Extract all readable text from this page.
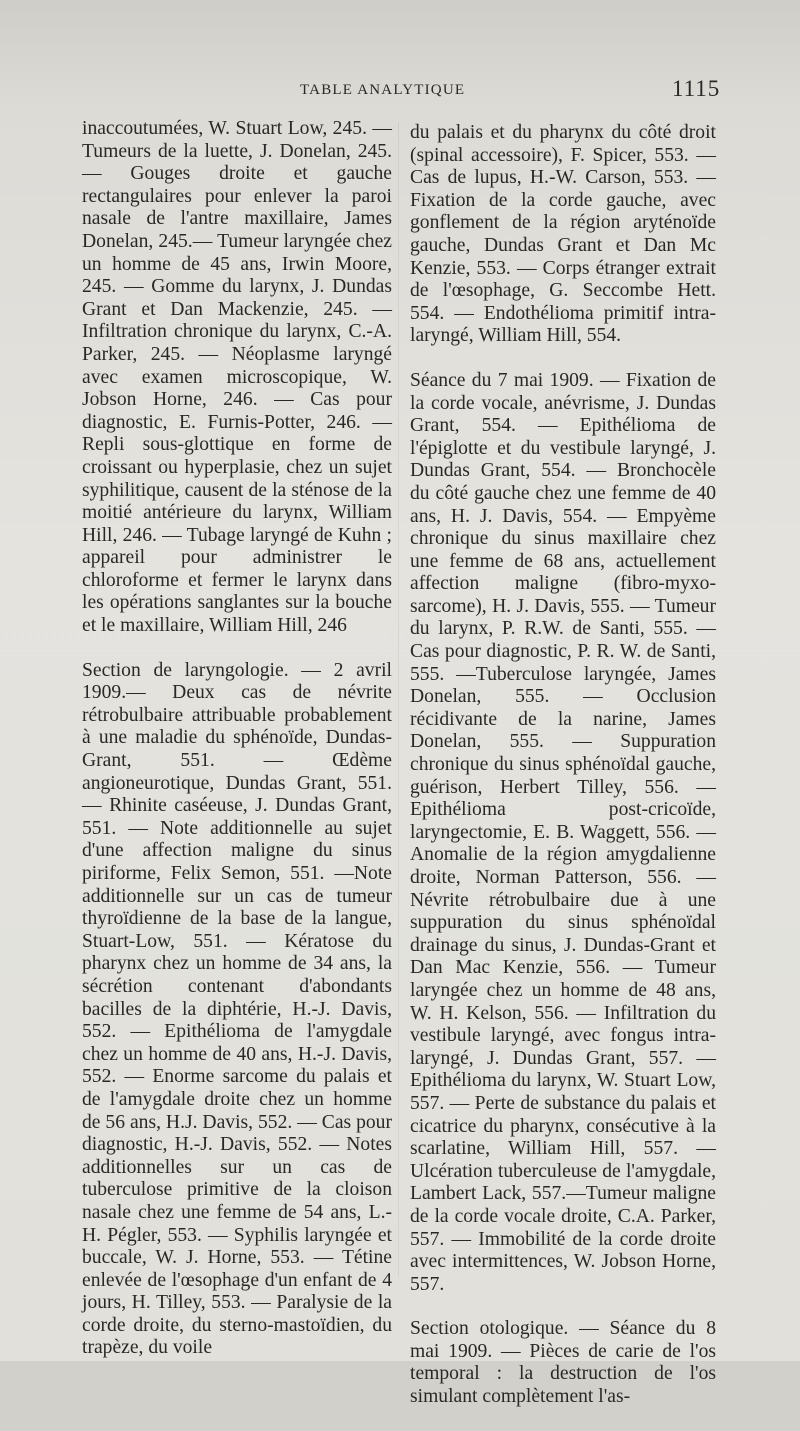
TABLE ANALYTIQUE	1115

inaccoutumées, W. Stuart Low, 245. — Tumeurs de la luette, J. Donelan, 245. — Gouges droite et gauche rectangulaires pour enlever la paroi nasale de l'antre maxillaire, James Donelan, 245.— Tumeur laryngée chez un homme de 45 ans, Irwin Moore, 245. — Gomme du larynx, J. Dundas Grant et Dan Mackenzie, 245. — Infiltration chronique du larynx, C.-A. Parker, 245. — Néoplasme laryngé avec examen microscopique, W. Jobson Horne, 246. — Cas pour diagnostic, E. Furnis-Potter, 246. — Repli sous-glottique en forme de croissant ou hyperplasie, chez un sujet syphilitique, causent de la sténose de la moitié antérieure du larynx, William Hill, 246. — Tubage laryngé de Kuhn ; appareil pour administrer le chloroforme et fermer le larynx dans les opérations sanglantes sur la bouche et le maxillaire, William Hill, 246

Section de laryngologie. — 2 avril 1909.— Deux cas de névrite rétrobulbaire attribuable probablement à une maladie du sphénoïde, Dundas-Grant, 551. — Œdème angioneurotique, Dundas Grant, 551. — Rhinite caséeuse, J. Dundas Grant, 551. — Note additionnelle au sujet d'une affection maligne du sinus piriforme, Felix Semon, 551. —Note additionnelle sur un cas de tumeur thyroïdienne de la base de la langue, Stuart-Low, 551. — Kératose du pharynx chez un homme de 34 ans, la sécrétion contenant d'abondants bacilles de la diphtérie, H.-J. Davis, 552. — Epithélioma de l'amygdale chez un homme de 40 ans, H.-J. Davis, 552. — Enorme sarcome du palais et de l'amygdale droite chez un homme de 56 ans, H.J. Davis, 552. — Cas pour diagnostic, H.-J. Davis, 552. — Notes additionnelles sur un cas de tuberculose primitive de la cloison nasale chez une femme de 54 ans, L.-H. Pégler, 553. — Syphilis laryngée et buccale, W. J. Horne, 553. — Tétine enlevée de l'œsophage d'un enfant de 4 jours, H. Tilley, 553. — Paralysie de la corde droite, du sterno-mastoïdien, du trapèze, du voile

du palais et du pharynx du côté droit (spinal accessoire), F. Spicer, 553. — Cas de lupus, H.-W. Carson, 553. — Fixation de la corde gauche, avec gonflement de la région aryténoïde gauche, Dundas Grant et Dan Mc Kenzie, 553. — Corps étranger extrait de l'œsophage, G. Seccombe Hett. 554. — Endothélioma primitif intra-laryngé, William Hill, 554.

Séance du 7 mai 1909. — Fixation de la corde vocale, anévrisme, J. Dundas Grant, 554. — Epithélioma de l'épiglotte et du vestibule laryngé, J. Dundas Grant, 554. — Bronchocèle du côté gauche chez une femme de 40 ans, H. J. Davis, 554. — Empyème chronique du sinus maxillaire chez une femme de 68 ans, actuellement affection maligne (fibro-myxo-sarcome), H. J. Davis, 555. — Tumeur du larynx, P. R.W. de Santi, 555. — Cas pour diagnostic, P. R. W. de Santi, 555. —Tuberculose laryngée, James Donelan, 555. — Occlusion récidivante de la narine, James Donelan, 555. — Suppuration chronique du sinus sphénoïdal gauche, guérison, Herbert Tilley, 556. — Epithélioma post-cricoïde, laryngectomie, E. B. Waggett, 556. — Anomalie de la région amygdalienne droite, Norman Patterson, 556. — Névrite rétrobulbaire due à une suppuration du sinus sphénoïdal drainage du sinus, J. Dundas-Grant et Dan Mac Kenzie, 556. — Tumeur laryngée chez un homme de 48 ans, W. H. Kelson, 556. — Infiltration du vestibule laryngé, avec fongus intra-laryngé, J. Dundas Grant, 557. — Epithélioma du larynx, W. Stuart Low, 557. — Perte de substance du palais et cicatrice du pharynx, consécutive à la scarlatine, William Hill, 557. — Ulcération tuberculeuse de l'amygdale, Lambert Lack, 557.—Tumeur maligne de la corde vocale droite, C.A. Parker, 557. — Immobilité de la corde droite avec intermittences, W. Jobson Horne, 557.

Section otologique. — Séance du 8 mai 1909. — Pièces de carie de l'os temporal : la destruction de l'os simulant complètement l'as-
